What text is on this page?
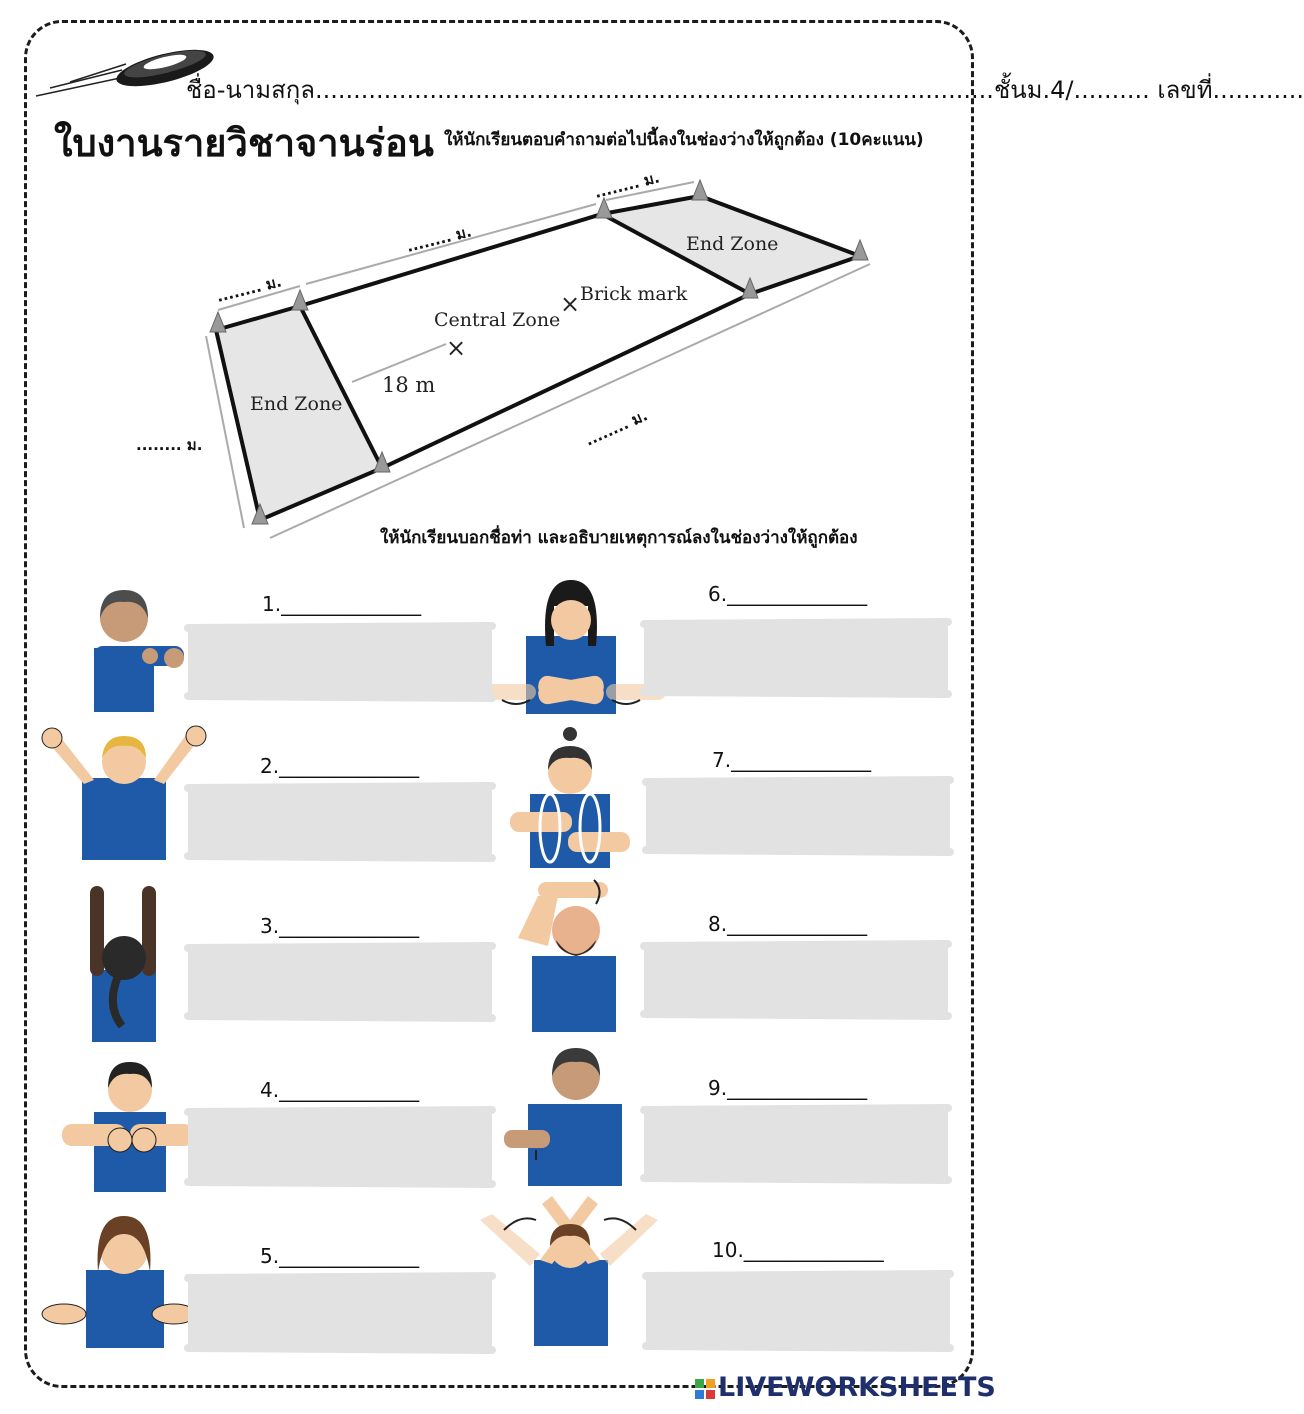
ชื่อ-นามสกุล.........................................................................................ชั้นม.4/.......... เลขที่............
ใบงานรายวิชาจานร่อน ให้นักเรียนตอบคำถามต่อไปนี้ลงในช่องว่างให้ถูกต้อง (10คะแนน)
×
×
End Zone
End Zone
Central Zone
Brick mark
18 m
........ ม.
........ ม.
........ ม.
........ ม.	........ ม.
ให้นักเรียนบอกชื่อท่า และอธิบายเหตุการณ์ลงในช่องว่างให้ถูกต้อง
1.______________
2.______________
3.______________
4.______________
5.______________
6.______________
7.______________
8.______________
9.______________
10.______________
LIVEWORKSHEETS
